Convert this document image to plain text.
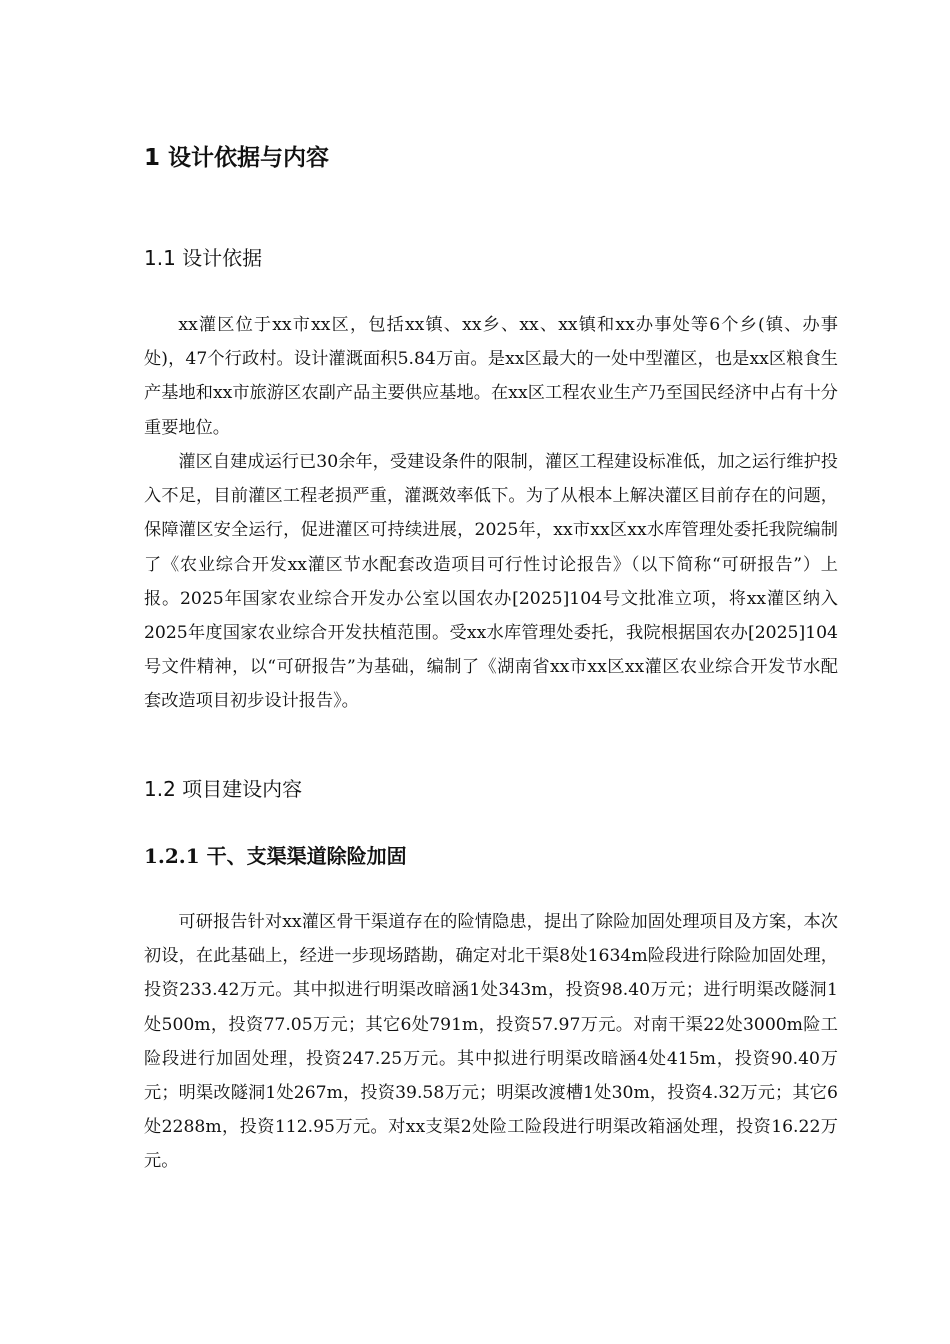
1 设计依据与内容
1.1 设计依据

xx灌区位于xx市xx区，包括xx镇、xx乡、xx、xx镇和xx办事处等6个乡(镇、办事处)，47个行政村。设计灌溉面积5.84万亩。是xx区最大的一处中型灌区，也是xx区粮食生产基地和xx市旅游区农副产品主要供应基地。在xx区工程农业生产乃至国民经济中占有十分重要地位。

灌区自建成运行已30余年，受建设条件的限制，灌区工程建设标准低，加之运行维护投入不足，目前灌区工程老损严重，灌溉效率低下。为了从根本上解决灌区目前存在的问题，保障灌区安全运行，促进灌区可持续进展，2025年，xx市xx区xx水库管理处委托我院编制了《农业综合开发xx灌区节水配套改造项目可行性讨论报告》（以下简称“可研报告”）上报。2025年国家农业综合开发办公室以国农办[2025]104号文批准立项，将xx灌区纳入2025年度国家农业综合开发扶植范围。受xx水库管理处委托，我院根据国农办[2025]104号文件精神，以“可研报告”为基础，编制了《湖南省xx市xx区xx灌区农业综合开发节水配套改造项目初步设计报告》。

1.2 项目建设内容
1.2.1 干、支渠渠道除险加固

可研报告针对xx灌区骨干渠道存在的险情隐患，提出了除险加固处理项目及方案，本次初设，在此基础上，经进一步现场踏勘，确定对北干渠8处1634m险段进行除险加固处理，投资233.42万元。其中拟进行明渠改暗涵1处343m，投资98.40万元；进行明渠改隧洞1处500m，投资77.05万元；其它6处791m，投资57.97万元。对南干渠22处3000m险工险段进行加固处理，投资247.25万元。其中拟进行明渠改暗涵4处415m，投资90.40万元；明渠改隧洞1处267m，投资39.58万元；明渠改渡槽1处30m，投资4.32万元；其它6处2288m，投资112.95万元。对xx支渠2处险工险段进行明渠改箱涵处理，投资16.22万元。
